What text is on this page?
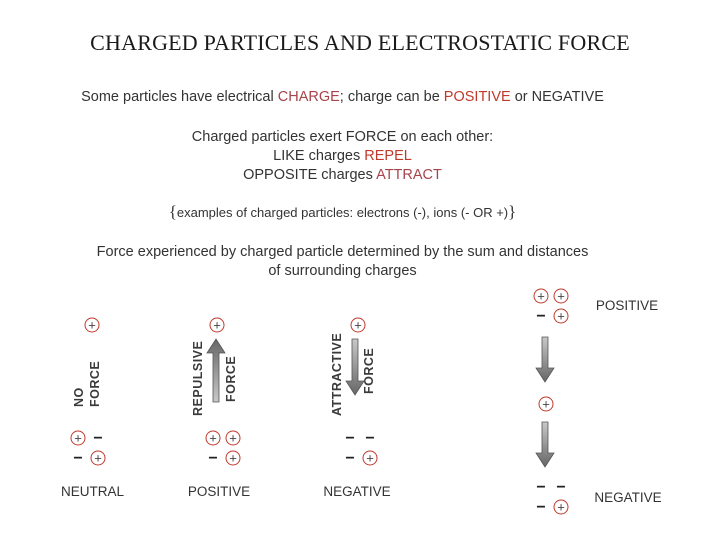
CHARGED PARTICLES AND ELECTROSTATIC FORCE
Some particles have electrical CHARGE; charge can be POSITIVE or NEGATIVE
Charged particles exert FORCE on each other:
LIKE charges REPEL
OPPOSITE charges ATTRACT
{examples of charged particles: electrons (-), ions (- OR +)}
Force experienced by charged particle determined by the sum and distances
of surrounding charges
NO FORCE
NEUTRAL
REPULSIVE FORCE
POSITIVE
ATTRACTIVE FORCE
NEGATIVE
POSITIVE
NEGATIVE
+	+	+
+ −
− +
+ +
− +
− −
− +
+ +
− +
+
− −
− +
